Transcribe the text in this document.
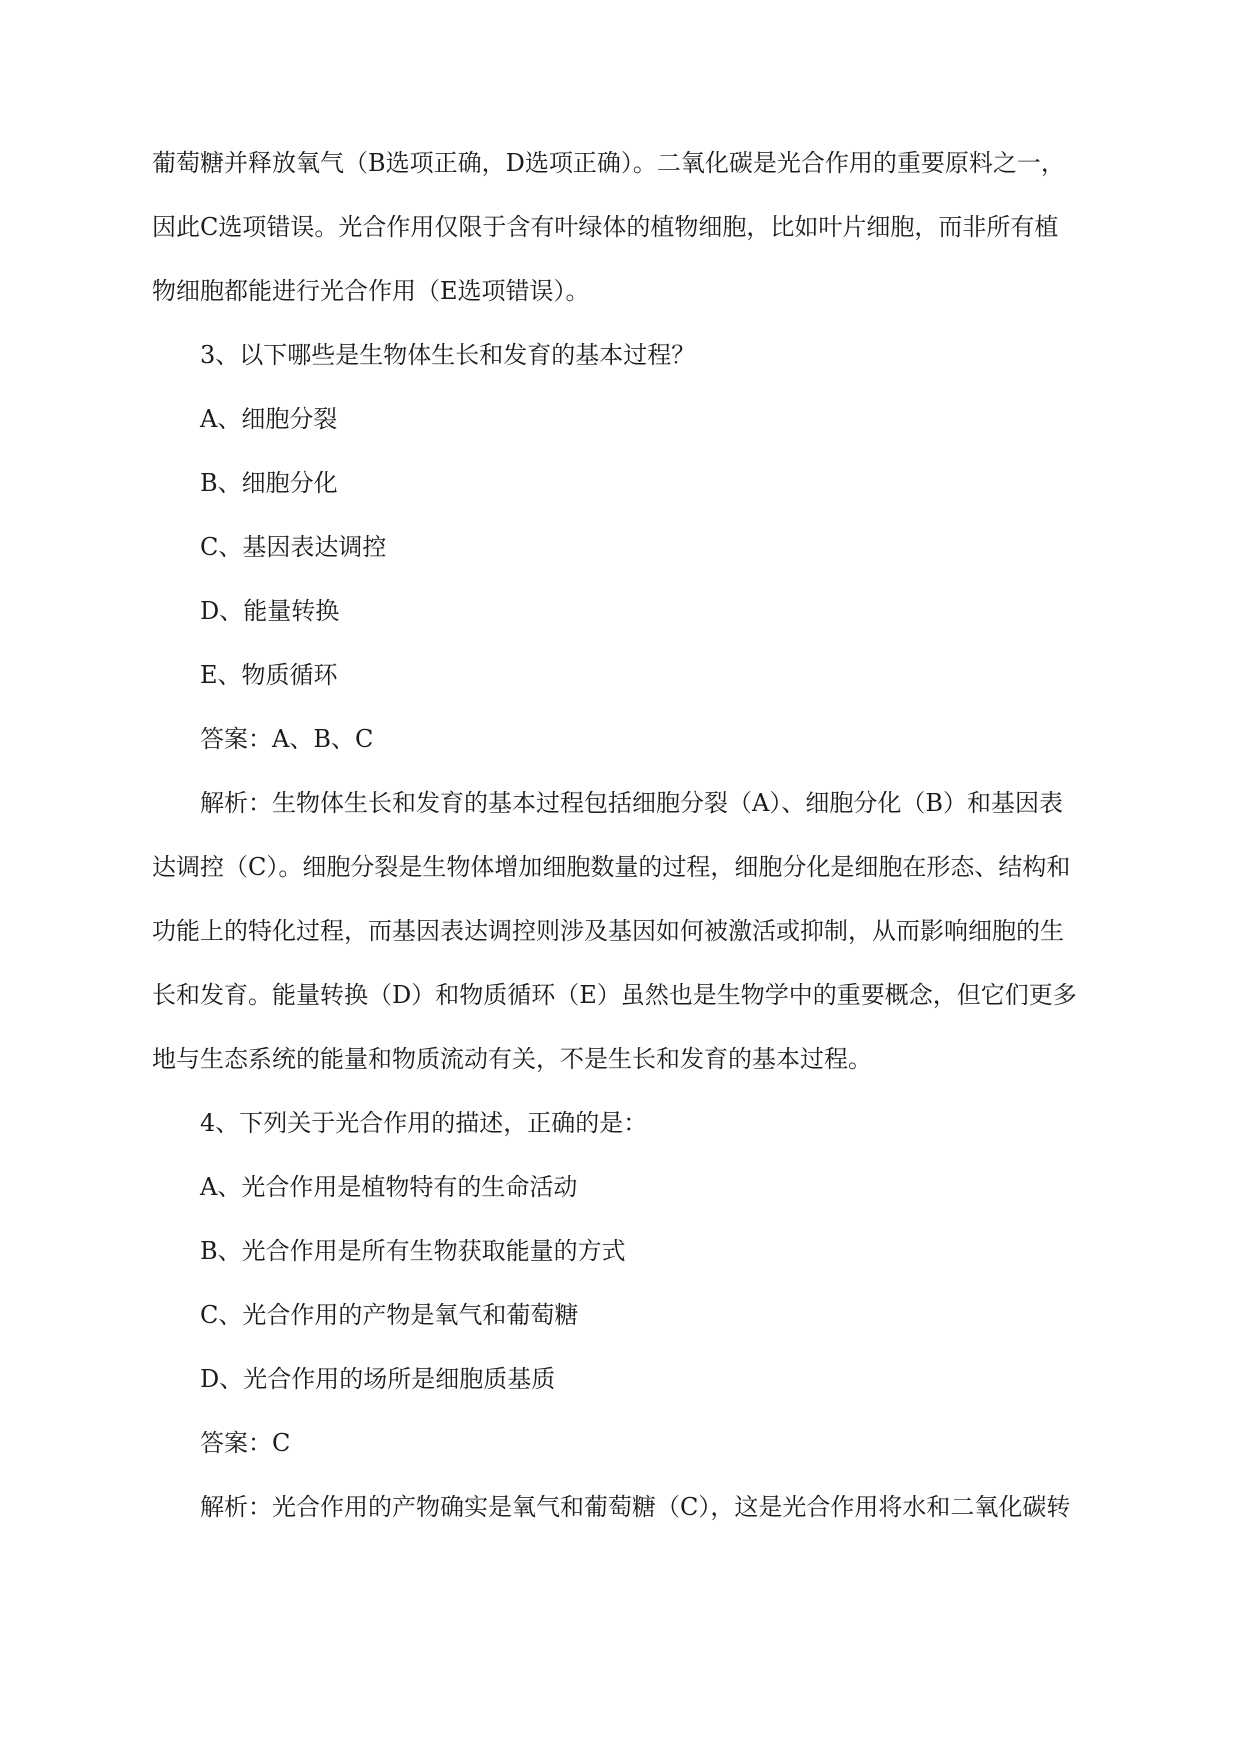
葡萄糖并释放氧气（B选项正确，D选项正确）。二氧化碳是光合作用的重要原料之一，
因此C选项错误。光合作用仅限于含有叶绿体的植物细胞，比如叶片细胞，而非所有植
物细胞都能进行光合作用（E选项错误）。
3、以下哪些是生物体生长和发育的基本过程？
A、细胞分裂
B、细胞分化
C、基因表达调控
D、能量转换
E、物质循环
答案：A、B、C
解析：生物体生长和发育的基本过程包括细胞分裂（A）、细胞分化（B）和基因表
达调控（C）。细胞分裂是生物体增加细胞数量的过程，细胞分化是细胞在形态、结构和
功能上的特化过程，而基因表达调控则涉及基因如何被激活或抑制，从而影响细胞的生
长和发育。能量转换（D）和物质循环（E）虽然也是生物学中的重要概念，但它们更多
地与生态系统的能量和物质流动有关，不是生长和发育的基本过程。
4、下列关于光合作用的描述，正确的是：
A、光合作用是植物特有的生命活动
B、光合作用是所有生物获取能量的方式
C、光合作用的产物是氧气和葡萄糖
D、光合作用的场所是细胞质基质
答案：C
解析：光合作用的产物确实是氧气和葡萄糖（C），这是光合作用将水和二氧化碳转
